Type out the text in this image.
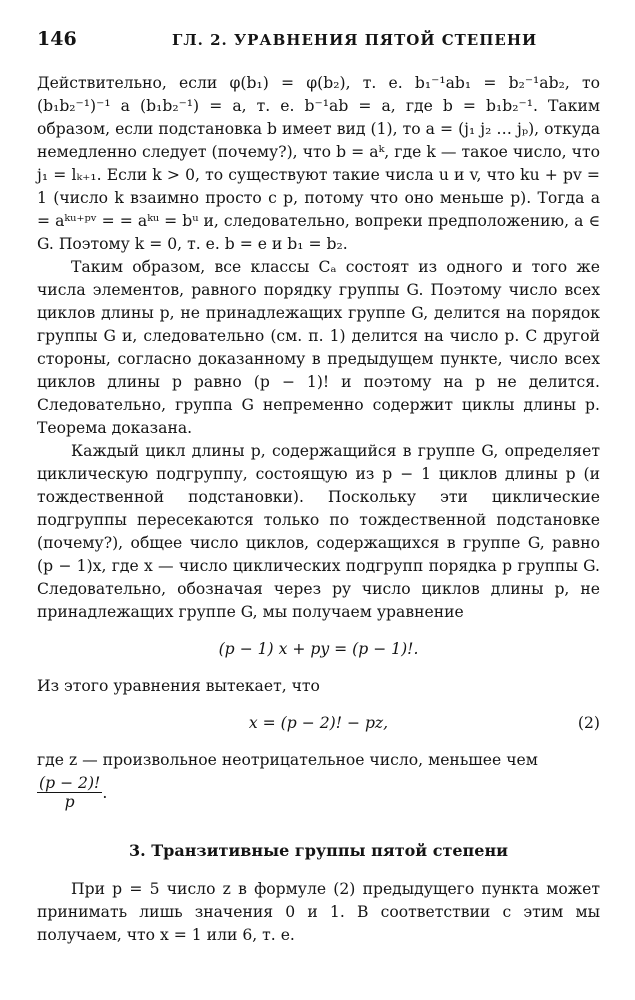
146	ГЛ. 2. УРАВНЕНИЯ ПЯТОЙ СТЕПЕНИ

Действительно, если φ(b₁) = φ(b₂), т. е. b₁⁻¹ab₁ = b₂⁻¹ab₂, то (b₁b₂⁻¹)⁻¹ a (b₁b₂⁻¹) = a, т. е. b⁻¹ab = a, где b = b₁b₂⁻¹. Таким образом, если подстановка b имеет вид (1), то a = (j₁ j₂ … jₚ), откуда немедленно следует (почему?), что b = aᵏ, где k — такое число, что j₁ = lₖ₊₁. Если k > 0, то существуют такие числа u и v, что ku + pv = 1 (число k взаимно просто с p, потому что оно меньше p). Тогда a = aᵏᵘ⁺ᵖᵛ = = aᵏᵘ = bᵘ и, следовательно, вопреки предположению, a ∈ G. Поэтому k = 0, т. е. b = e и b₁ = b₂.

Таким образом, все классы Cₐ состоят из одного и того же числа элементов, равного порядку группы G. Поэтому число всех циклов длины p, не принадлежащих группе G, делится на порядок группы G и, следовательно (см. п. 1) делится на число p. С другой стороны, согласно доказанному в предыдущем пункте, число всех циклов длины p равно (p − 1)! и поэтому на p не делится. Следовательно, группа G непременно содержит циклы длины p. Теорема доказана.

Каждый цикл длины p, содержащийся в группе G, определяет циклическую подгруппу, состоящую из p − 1 циклов длины p (и тождественной подстановки). Поскольку эти циклические подгруппы пересекаются только по тождественной подстановке (почему?), общее число циклов, содержащихся в группе G, равно (p − 1)x, где x — число циклических подгрупп порядка p группы G. Следовательно, обозначая через py число циклов длины p, не принадлежащих группе G, мы получаем уравнение

(p − 1) x + py = (p − 1)!.

Из этого уравнения вытекает, что

x = (p − 2)! − pz,	(2)

где z — произвольное неотрицательное число, меньшее чем

$\frac{(p - 2)!}{p}$ .
3. Транзитивные группы пятой степени

При p = 5 число z в формуле (2) предыдущего пункта может принимать лишь значения 0 и 1. В соответствии с этим мы получаем, что x = 1 или 6, т. е.
